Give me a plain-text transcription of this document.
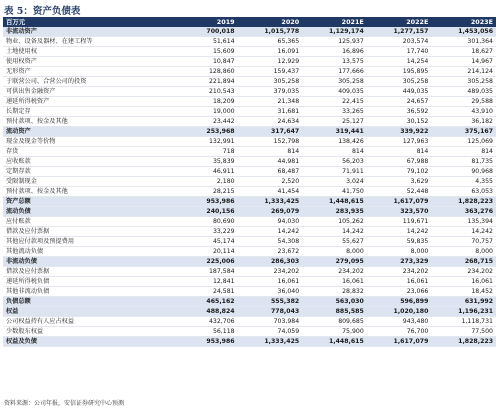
表 5：资产负债表
百万元	2019	2020	2021E	2022E	2023E
非流动资产	700,018	1,015,778	1,129,174	1,277,157	1,453,056
物业、设备及器材、在建工程等	51,614	65,365	125,937	203,574	301,364
土地使用权	15,609	16,091	16,896	17,740	18,627
使用权资产	10,847	12,929	13,575	14,254	14,967
无形资产	128,860	159,437	177,666	195,895	214,124
于联营公司、合营公司的投资	221,894	305,258	305,258	305,258	305,258
可供出售金融资产	210,543	379,035	409,035	449,035	489,035
递延所得税资产	18,209	21,348	22,415	24,657	29,588
长期定存	19,000	31,681	33,265	36,592	43,910
预付款项、按金及其他	23,442	24,634	25,127	30,152	36,182
流动资产	253,968	317,647	319,441	339,922	375,167
现金及现金等价物	132,991	152,798	138,426	127,963	125,069
存货	718	814	814	814	814
应收账款	35,839	44,981	56,203	67,988	81,735
定期存款	46,911	68,487	71,911	79,102	90,968
受限制现金	2,180	2,520	3,024	3,629	4,355
预付款项、按金及其他	28,215	41,454	41,750	52,448	63,053
资产总额	953,986	1,333,425	1,448,615	1,617,079	1,828,223
流动负债	240,156	269,079	283,935	323,570	363,276
应付账款	80,690	94,030	105,262	119,671	135,394
借款及应付票据	33,229	14,242	14,242	14,242	14,242
其他应付款项及预提费用	45,174	54,308	55,627	59,835	70,757
其他流动负债	20,114	23,672	8,000	8,000	8,000
非流动负债	225,006	286,303	279,095	273,329	268,715
借款及应付票据	187,584	234,202	234,202	234,202	234,202
递延所得税负债	12,841	16,061	16,061	16,061	16,061
其他非流动负债	24,581	36,040	28,832	23,066	18,452
负债总额	465,162	555,382	563,030	596,899	631,992
权益	488,824	778,043	885,585	1,020,180	1,196,231
公司权益持有人应占权益	432,706	703,984	809,685	943,480	1,118,731
少数股东权益	56,118	74,059	75,900	76,700	77,500
权益及负债	953,986	1,333,425	1,448,615	1,617,079	1,828,223
资料来源：公司年报，安信证券研究中心预测
